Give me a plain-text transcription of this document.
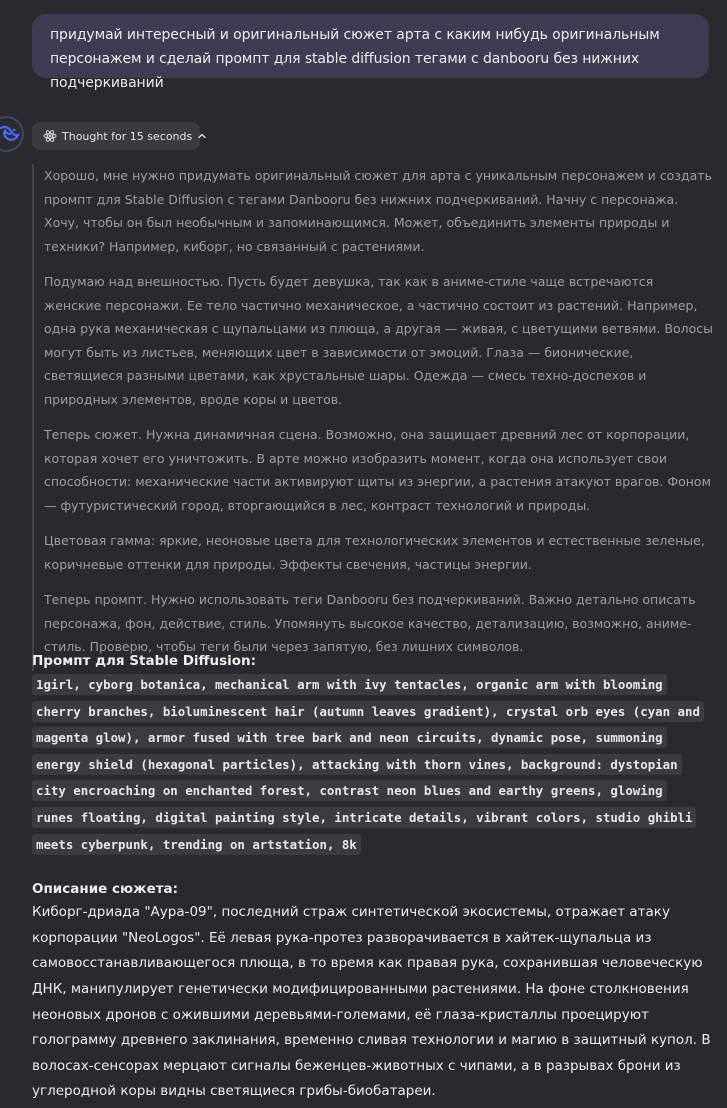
придумай интересный и оригинальный сюжет арта с каким нибудь оригинальным персонажем и сделай промпт для stable diffusion тегами с danbooru без нижних подчеркиваний
Thought for 15 seconds

Хорошо, мне нужно придумать оригинальный сюжет для арта с уникальным персонажем и создать промпт для Stable Diffusion с тегами Danbooru без нижних подчеркиваний. Начну с персонажа. Хочу, чтобы он был необычным и запоминающимся. Может, объединить элементы природы и техники? Например, киборг, но связанный с растениями.

Подумаю над внешностью. Пусть будет девушка, так как в аниме-стиле чаще встречаются женские персонажи. Ее тело частично механическое, а частично состоит из растений. Например, одна рука механическая с щупальцами из плюща, а другая — живая, с цветущими ветвями. Волосы могут быть из листьев, меняющих цвет в зависимости от эмоций. Глаза — бионические, светящиеся разными цветами, как хрустальные шары. Одежда — смесь техно-доспехов и природных элементов, вроде коры и цветов.

Теперь сюжет. Нужна динамичная сцена. Возможно, она защищает древний лес от корпорации, которая хочет его уничтожить. В арте можно изобразить момент, когда она использует свои способности: механические части активируют щиты из энергии, а растения атакуют врагов. Фоном — футуристический город, вторгающийся в лес, контраст технологий и природы.

Цветовая гамма: яркие, неоновые цвета для технологических элементов и естественные зеленые, коричневые оттенки для природы. Эффекты свечения, частицы энергии.

Теперь промпт. Нужно использовать теги Danbooru без подчеркиваний. Важно детально описать персонажа, фон, действие, стиль. Упомянуть высокое качество, детализацию, возможно, аниме-стиль. Проверю, чтобы теги были через запятую, без лишних символов.

Промпт для Stable Diffusion:

1girl, cyborg botanica, mechanical arm with ivy tentacles, organic arm with blooming

cherry branches, bioluminescent hair (autumn leaves gradient), crystal orb eyes (cyan and

magenta glow), armor fused with tree bark and neon circuits, dynamic pose, summoning

energy shield (hexagonal particles), attacking with thorn vines, background: dystopian

city encroaching on enchanted forest, contrast neon blues and earthy greens, glowing

runes floating, digital painting style, intricate details, vibrant colors, studio ghibli

meets cyberpunk, trending on artstation, 8k

Описание сюжета:

Киборг-дриада "Аура-09", последний страж синтетической экосистемы, отражает атаку корпорации "NeoLogos". Её левая рука-протез разворачивается в хайтек-щупальца из самовосстанавливающегося плюща, в то время как правая рука, сохранившая человеческую ДНК, манипулирует генетически модифицированными растениями. На фоне столкновения неоновых дронов с ожившими деревьями-големами, её глаза-кристаллы проецируют голограмму древнего заклинания, временно сливая технологии и магию в защитный купол. В волосах-сенсорах мерцают сигналы беженцев-животных с чипами, а в разрывах брони из углеродной коры видны светящиеся грибы-биобатареи.
